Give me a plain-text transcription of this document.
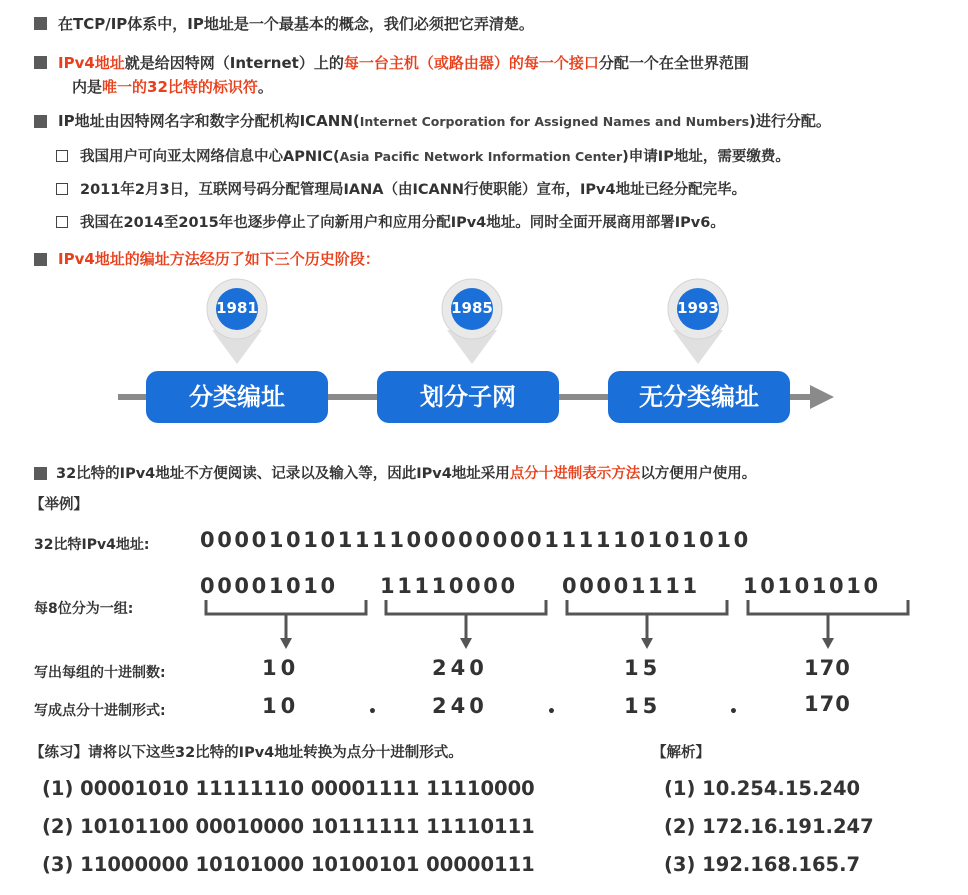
在TCP/IP体系中，IP地址是一个最基本的概念，我们必须把它弄清楚。
IPv4地址就是给因特网（Internet）上的每一台主机（或路由器）的每一个接口分配一个在全世界范围
内是唯一的32比特的标识符。
IP地址由因特网名字和数字分配机构ICANN(Internet Corporation for Assigned Names and Numbers)进行分配。
我国用户可向亚太网络信息中心APNIC(Asia Pacific Network Information Center)申请IP地址，需要缴费。
2011年2月3日，互联网号码分配管理局IANA（由ICANN行使职能）宣布，IPv4地址已经分配完毕。
我国在2014至2015年也逐步停止了向新用户和应用分配IPv4地址。同时全面开展商用部署IPv6。
IPv4地址的编址方法经历了如下三个历史阶段：
1981	1985	1993
分类编址	划分子网	无分类编址
32比特的IPv4地址不方便阅读、记录以及输入等，因此IPv4地址采用点分十进制表示方法以方便用户使用。
【举例】
32比特IPv4地址: 00001010111100000000111110101010
每8位分为一组:
00001010 11110000 00001111 10101010
写出每组的十进制数:	10	240	15	170
写成点分十进制形式:	10	•	240	•	15	•	170
【练习】请将以下这些32比特的IPv4地址转换为点分十进制形式。	【解析】
(1) 00001010 11111110 00001111 11110000	(1) 10.254.15.240
(2) 10101100 00010000 10111111 11110111	(2) 172.16.191.247
(3) 11000000 10101000 10100101 00000111	(3) 192.168.165.7
